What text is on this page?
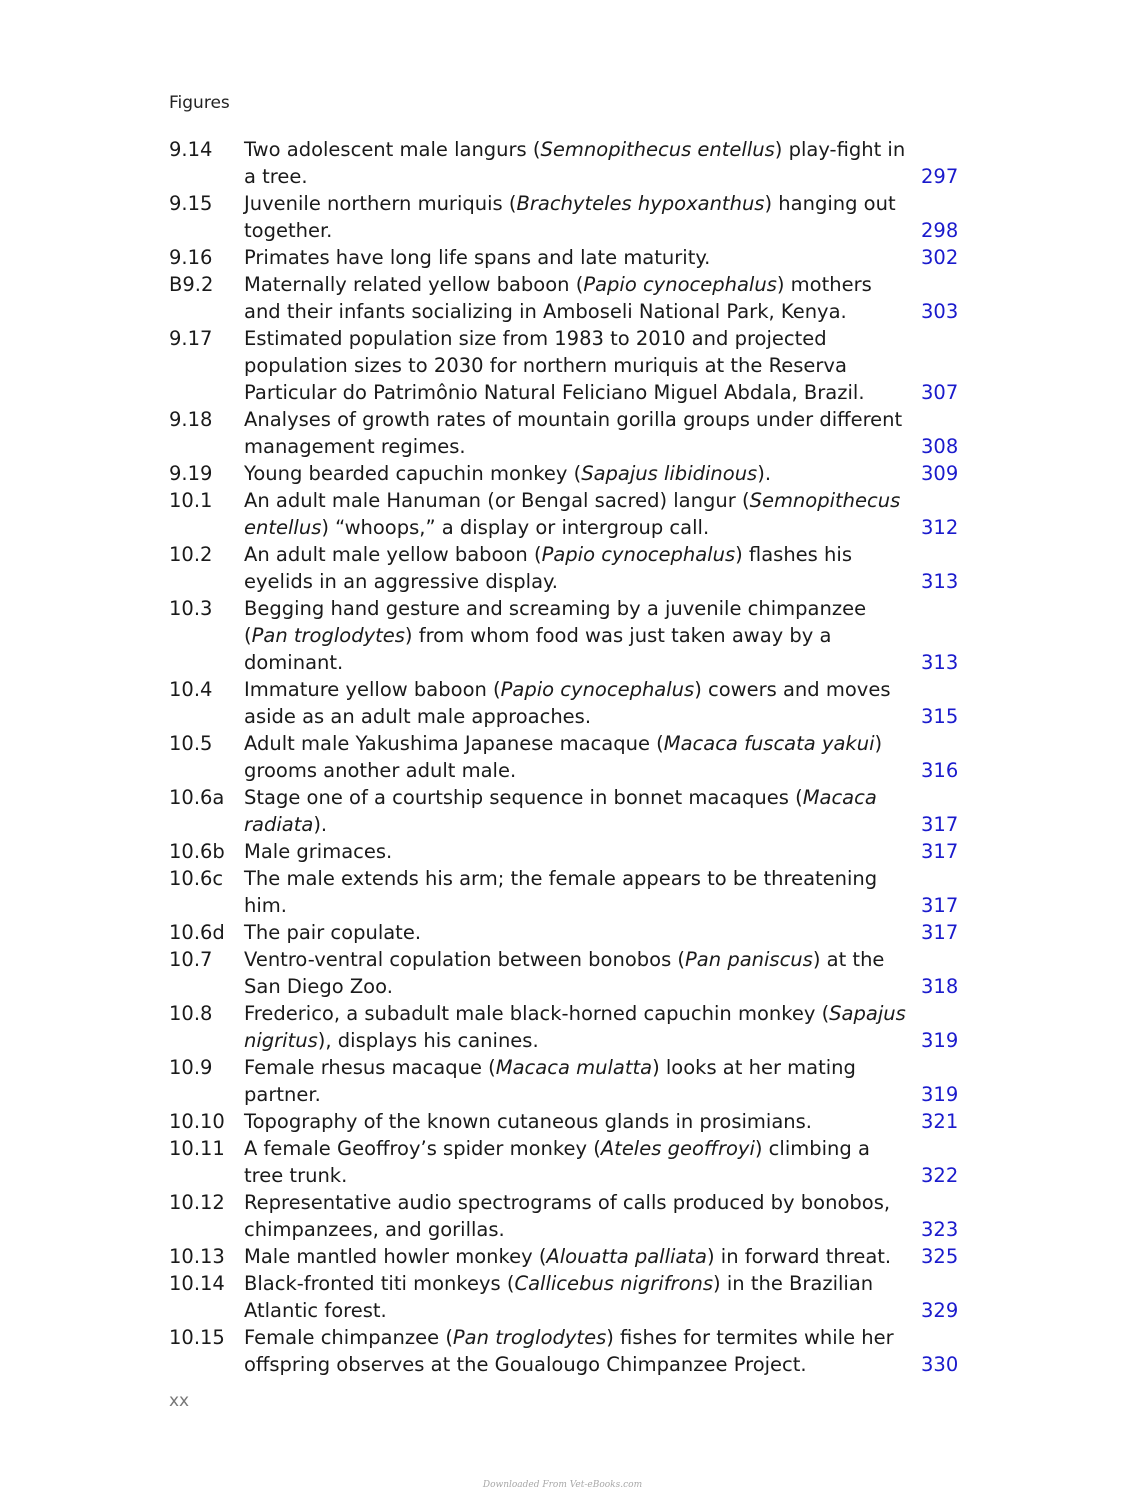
Figures
9.14	Two adolescent male langurs (Semnopithecus entellus) play-fight in a tree.	297
9.15	Juvenile northern muriquis (Brachyteles hypoxanthus) hanging out together.	298
9.16	Primates have long life spans and late maturity.	302
B9.2	Maternally related yellow baboon (Papio cynocephalus) mothers and their infants socializing in Amboseli National Park, Kenya.	303
9.17	Estimated population size from 1983 to 2010 and projected population sizes to 2030 for northern muriquis at the Reserva Particular do Patrimônio Natural Feliciano Miguel Abdala, Brazil.	307
9.18	Analyses of growth rates of mountain gorilla groups under different management regimes.	308
9.19	Young bearded capuchin monkey (Sapajus libidinous).	309
10.1	An adult male Hanuman (or Bengal sacred) langur (Semnopithecus entellus) “whoops,” a display or intergroup call.	312
10.2	An adult male yellow baboon (Papio cynocephalus) flashes his eyelids in an aggressive display.	313
10.3	Begging hand gesture and screaming by a juvenile chimpanzee (Pan troglodytes) from whom food was just taken away by a dominant.	313
10.4	Immature yellow baboon (Papio cynocephalus) cowers and moves aside as an adult male approaches.	315
10.5	Adult male Yakushima Japanese macaque (Macaca fuscata yakui) grooms another adult male.	316
10.6a	Stage one of a courtship sequence in bonnet macaques (Macaca radiata).	317
10.6b Male grimaces.	317
10.6c	The male extends his arm; the female appears to be threatening him.	317
10.6d The pair copulate.	317
10.7	Ventro-ventral copulation between bonobos (Pan paniscus) at the San Diego Zoo.	318
10.8	Frederico, a subadult male black-horned capuchin monkey (Sapajus nigritus), displays his canines.	319
10.9	Female rhesus macaque (Macaca mulatta) looks at her mating partner.	319
10.10 Topography of the known cutaneous glands in prosimians.	321
10.11 A female Geoffroy’s spider monkey (Ateles geoffroyi) climbing a tree trunk.	322
10.12 Representative audio spectrograms of calls produced by bonobos, chimpanzees, and gorillas.	323
10.13 Male mantled howler monkey (Alouatta palliata) in forward threat.	325
10.14 Black-fronted titi monkeys (Callicebus nigrifrons) in the Brazilian Atlantic forest.	329
10.15 Female chimpanzee (Pan troglodytes) fishes for termites while her offspring observes at the Goualougo Chimpanzee Project.	330
xx
Downloaded From Vet-eBooks.com
